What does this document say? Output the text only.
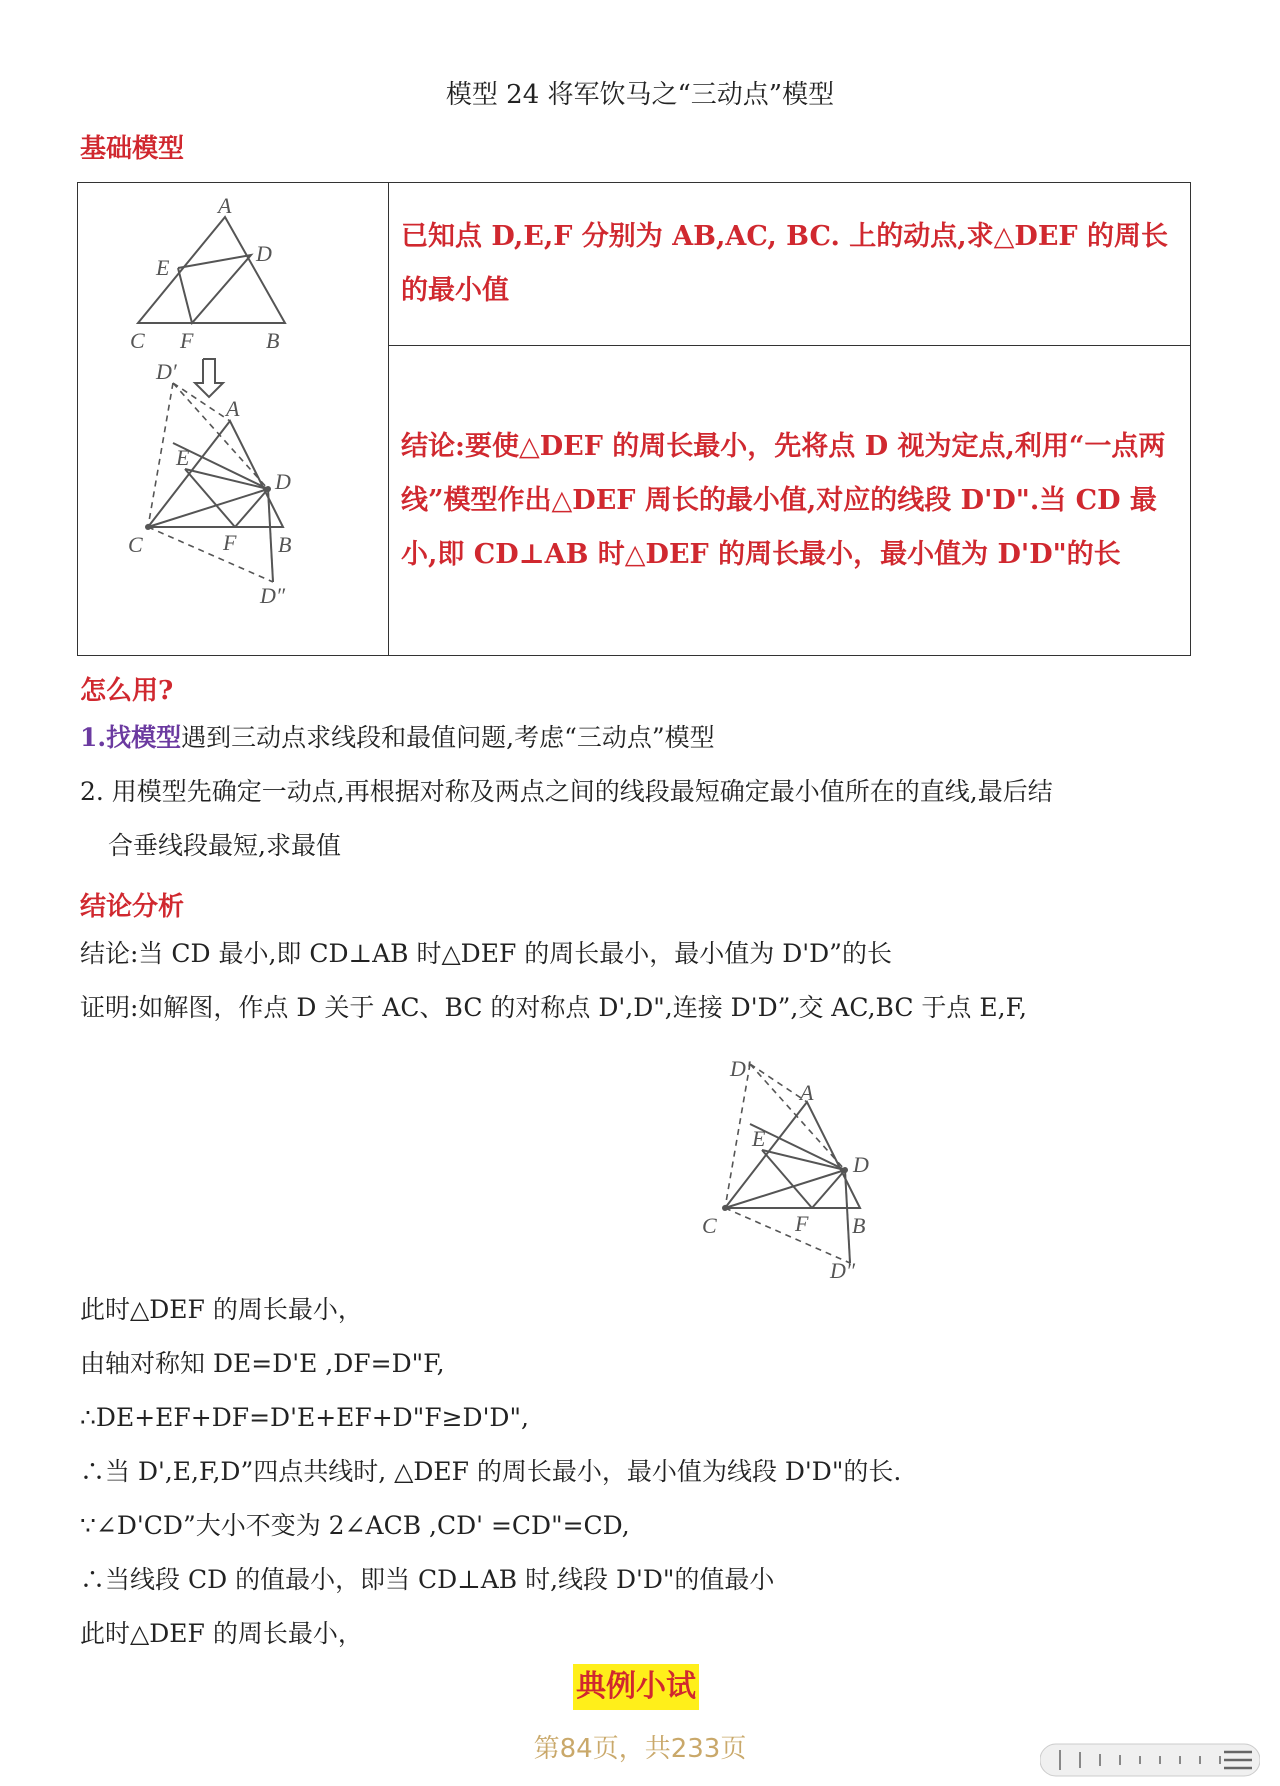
模型 24 将军饮马之“三动点”模型
基础模型
A
E
D
C F	B
D′
A
E
D
C	F B
D″
	已知点 D,E,F 分别为 AB,AC, BC. 上的动点,求△DEF 的周长的最小值
结论:要使△DEF 的周长最小，先将点 D 视为定点,利用“一点两线”模型作出△DEF 周长的最小值,对应的线段 D'D".当 CD 最小,即 CD⊥AB 时△DEF 的周长最小，最小值为 D'D"的长
怎么用?
1.找模型遇到三动点求线段和最值问题,考虑“三动点”模型
2. 用模型先确定一动点,再根据对称及两点之间的线段最短确定最小值所在的直线,最后结
合垂线段最短,求最值
结论分析
结论:当 CD 最小,即 CD⊥AB 时△DEF 的周长最小，最小值为 D'D”的长
证明:如解图，作点 D 关于 AC、BC 的对称点 D',D",连接 D'D”,交 AC,BC 于点 E,F,
D′
A
E
D
C	F B
D″
此时△DEF 的周长最小，
由轴对称知 DE=D'E ,DF=D"F,
∴DE+EF+DF=D'E+EF+D"F≥D'D",
∴当 D',E,F,D”四点共线时, △DEF 的周长最小，最小值为线段 D'D"的长.
∵∠D'CD”大小不变为 2∠ACB ,CD' =CD"=CD,
∴当线段 CD 的值最小，即当 CD⊥AB 时,线段 D'D"的值最小
此时△DEF 的周长最小，
典例小试
第84页，共233页
